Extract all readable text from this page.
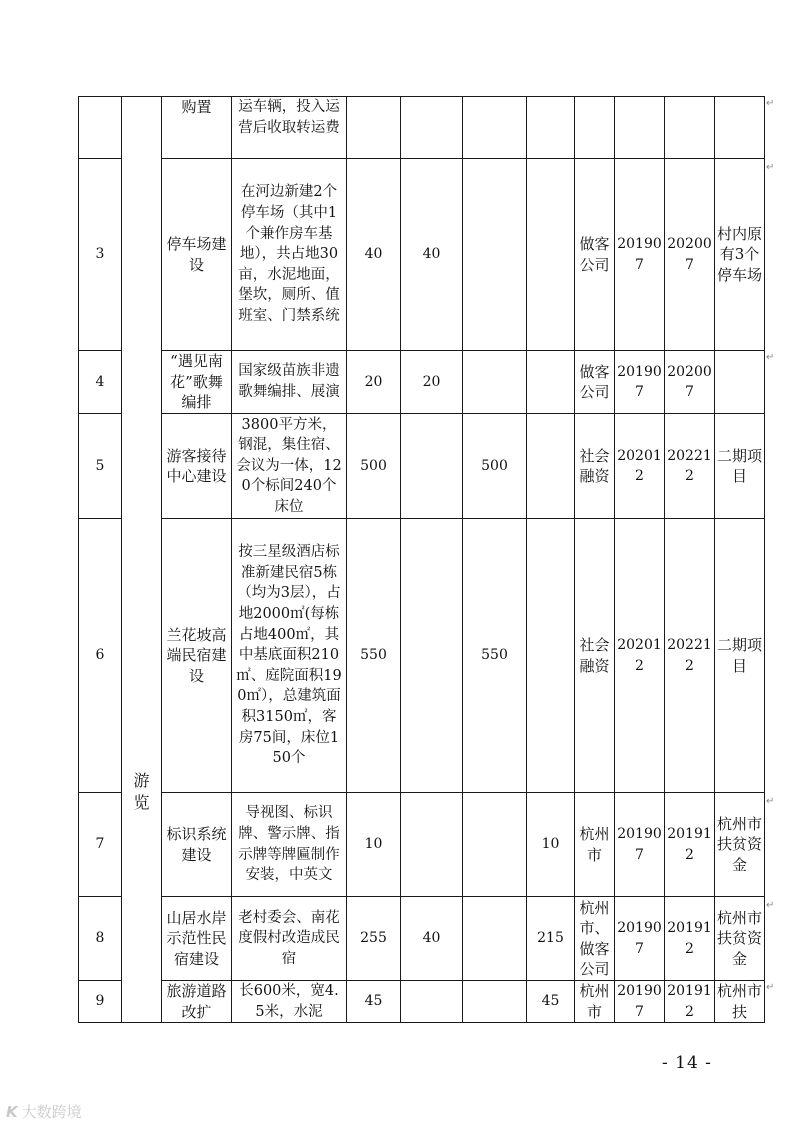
	游览	购置	运车辆，投入运营后收取转运费								
3		停车场建设	在河边新建2个停车场（其中1个兼作房车基地），共占地30亩，水泥地面，堡坎，厕所、值班室、门禁系统	40	40			做客公司	201907	202007	村内原有3个停车场
4		“遇见南花”歌舞编排	国家级苗族非遗歌舞编排、展演	20	20			做客公司	201907	202007	
5		游客接待中心建设	3800平方米，钢混，集住宿、会议为一体，120个标间240个床位	500		500		社会融资	202012	202212	二期项目
6		兰花坡高端民宿建设	按三星级酒店标准新建民宿5栋（均为3层），占地2000㎡(每栋占地400㎡，其中基底面积210㎡、庭院面积190㎡），总建筑面积3150㎡，客房75间，床位150个	550		550		社会融资	202012	202212	二期项目
7		标识系统建设	导视图、标识牌、警示牌、指示牌等牌匾制作安装，中英文	10			10	杭州市	201907	201912	杭州市扶贫资金
8		山居水岸示范性民宿建设	老村委会、南花度假村改造成民宿	255	40		215	杭州市、做客公司	201907	201912	杭州市扶贫资金
9		旅游道路改扩	长600米，宽4.5米，水泥	45			45	杭州市	201907	201912	杭州市扶
↵
↵
↵
↵
↵
↵
- 14 -
K 大数跨境
